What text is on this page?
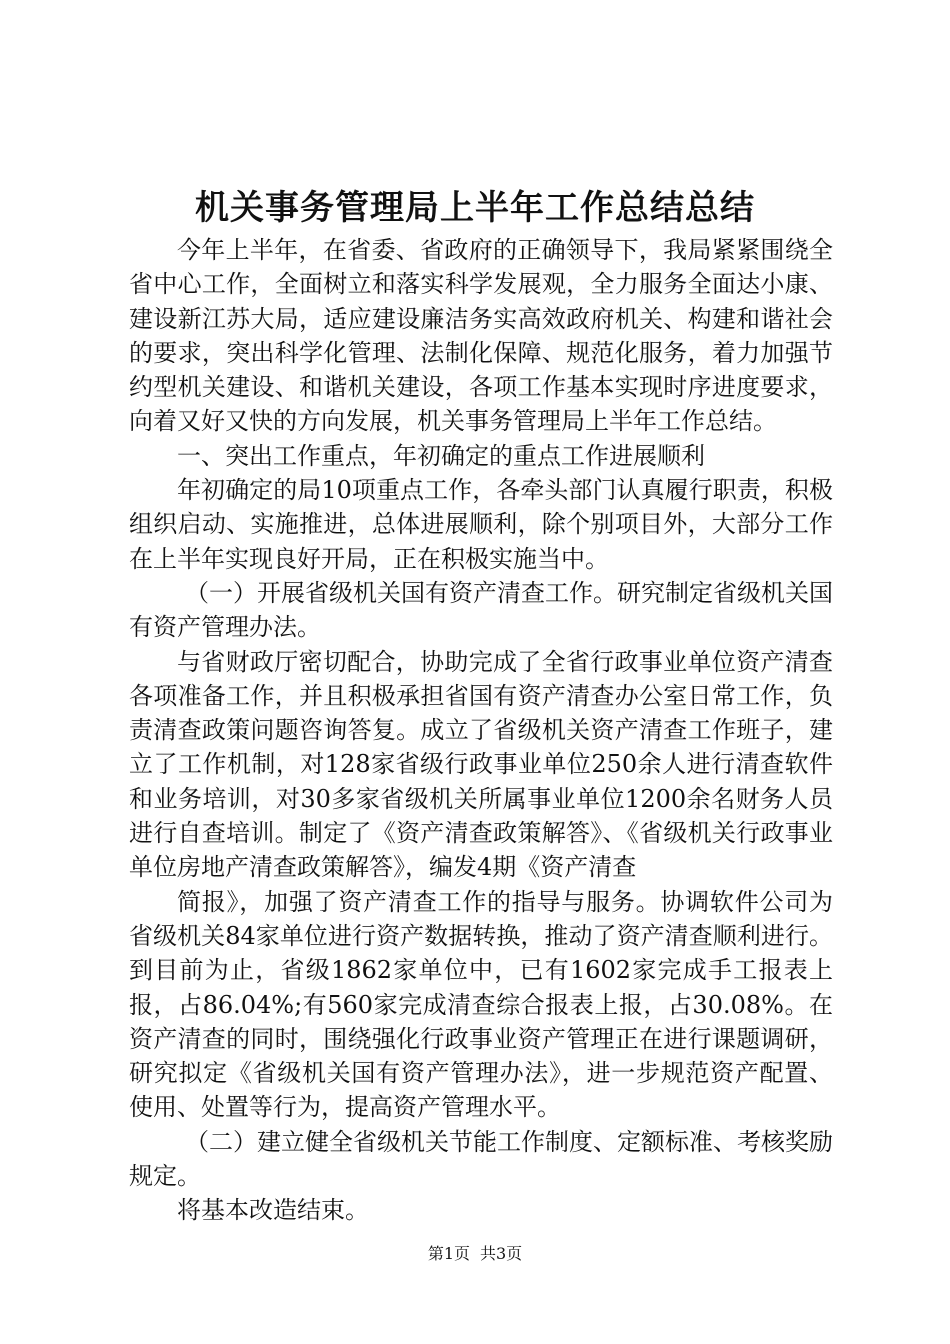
机关事务管理局上半年工作总结总结

今年上半年，在省委、省政府的正确领导下，我局紧紧围绕全省中心工作，全面树立和落实科学发展观，全力服务全面达小康、建设新江苏大局，适应建设廉洁务实高效政府机关、构建和谐社会的要求，突出科学化管理、法制化保障、规范化服务，着力加强节约型机关建设、和谐机关建设，各项工作基本实现时序进度要求，向着又好又快的方向发展，机关事务管理局上半年工作总结。

一、突出工作重点，年初确定的重点工作进展顺利

年初确定的局10项重点工作，各牵头部门认真履行职责，积极组织启动、实施推进，总体进展顺利，除个别项目外，大部分工作在上半年实现良好开局，正在积极实施当中。

（一）开展省级机关国有资产清查工作。研究制定省级机关国有资产管理办法。

与省财政厅密切配合，协助完成了全省行政事业单位资产清查各项准备工作，并且积极承担省国有资产清查办公室日常工作，负责清查政策问题咨询答复。成立了省级机关资产清查工作班子，建立了工作机制，对128家省级行政事业单位250余人进行清查软件和业务培训，对30多家省级机关所属事业单位1200余名财务人员进行自查培训。制定了《资产清查政策解答》、《省级机关行政事业单位房地产清查政策解答》，编发4期《资产清查

简报》，加强了资产清查工作的指导与服务。协调软件公司为省级机关84家单位进行资产数据转换，推动了资产清查顺利进行。到目前为止，省级1862家单位中，已有1602家完成手工报表上报，占86.04%;有560家完成清查综合报表上报，占30.08%。在资产清查的同时，围绕强化行政事业资产管理正在进行课题调研，研究拟定《省级机关国有资产管理办法》，进一步规范资产配置、使用、处置等行为，提高资产管理水平。

（二）建立健全省级机关节能工作制度、定额标准、考核奖励规定。

将基本改造结束。

第1页 共3页
